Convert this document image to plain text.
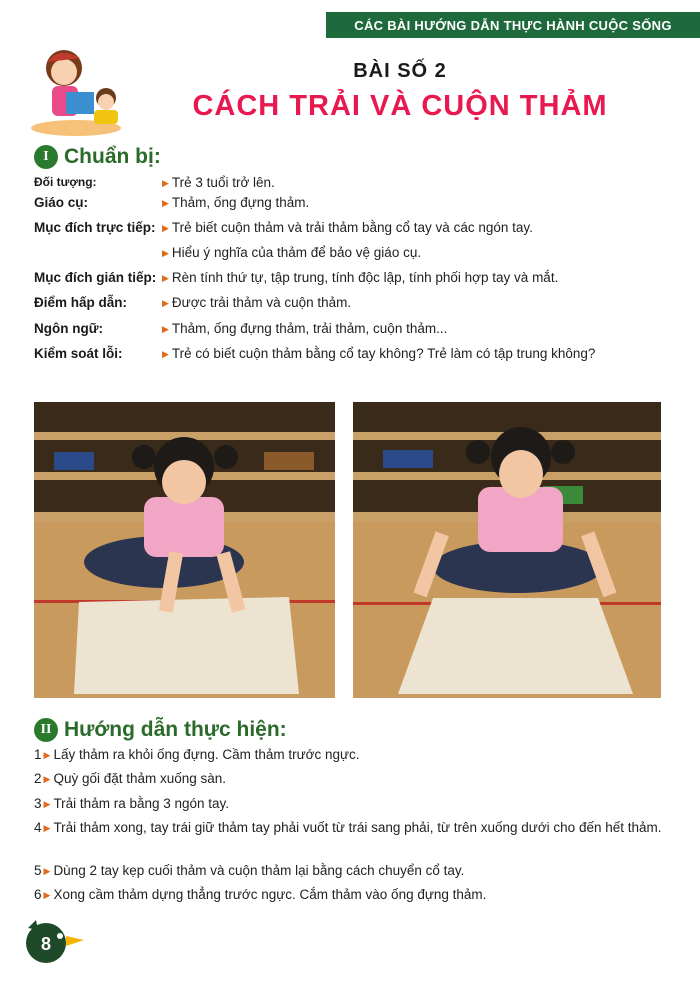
CÁC BÀI HƯỚNG DẪN THỰC HÀNH CUỘC SỐNG
BÀI SỐ 2
CÁCH TRẢI VÀ CUỘN THẢM
I Chuẩn bị:
Đối tượng:	▶ Trẻ 3 tuổi trở lên.
Giáo cụ:	▶ Thảm, ống đựng thảm.
Mục đích trực tiếp: ▶ Trẻ biết cuộn thảm và trải thảm bằng cổ tay và các ngón tay.
▶ Hiểu ý nghĩa của thảm để bảo vệ giáo cụ.
Mục đích gián tiếp: ▶ Rèn tính thứ tự, tập trung, tính độc lập, tính phối hợp tay và mắt.
Điểm hấp dẫn:	▶ Được trải thảm và cuộn thảm.
Ngôn ngữ:	▶ Thảm, ống đựng thảm, trải thảm, cuộn thảm...
Kiểm soát lỗi:	▶ Trẻ có biết cuộn thảm bằng cổ tay không? Trẻ làm có tập trung không?
II Hướng dẫn thực hiện:
1 ▶ Lấy thảm ra khỏi ống đựng. Cầm thảm trước ngực.
2 ▶ Quỳ gối đặt thảm xuống sàn.
3 ▶ Trải thảm ra bằng 3 ngón tay.
4 ▶ Trải thảm xong, tay trái giữ thảm tay phải vuốt từ trái sang phải, từ trên xuống dưới cho đến hết thảm.
5 ▶ Dùng 2 tay kẹp cuối thảm và cuộn thảm lại bằng cách chuyển cổ tay.
6 ▶ Xong cầm thảm dựng thẳng trước ngực. Cắm thảm vào ống đựng thảm.
8
